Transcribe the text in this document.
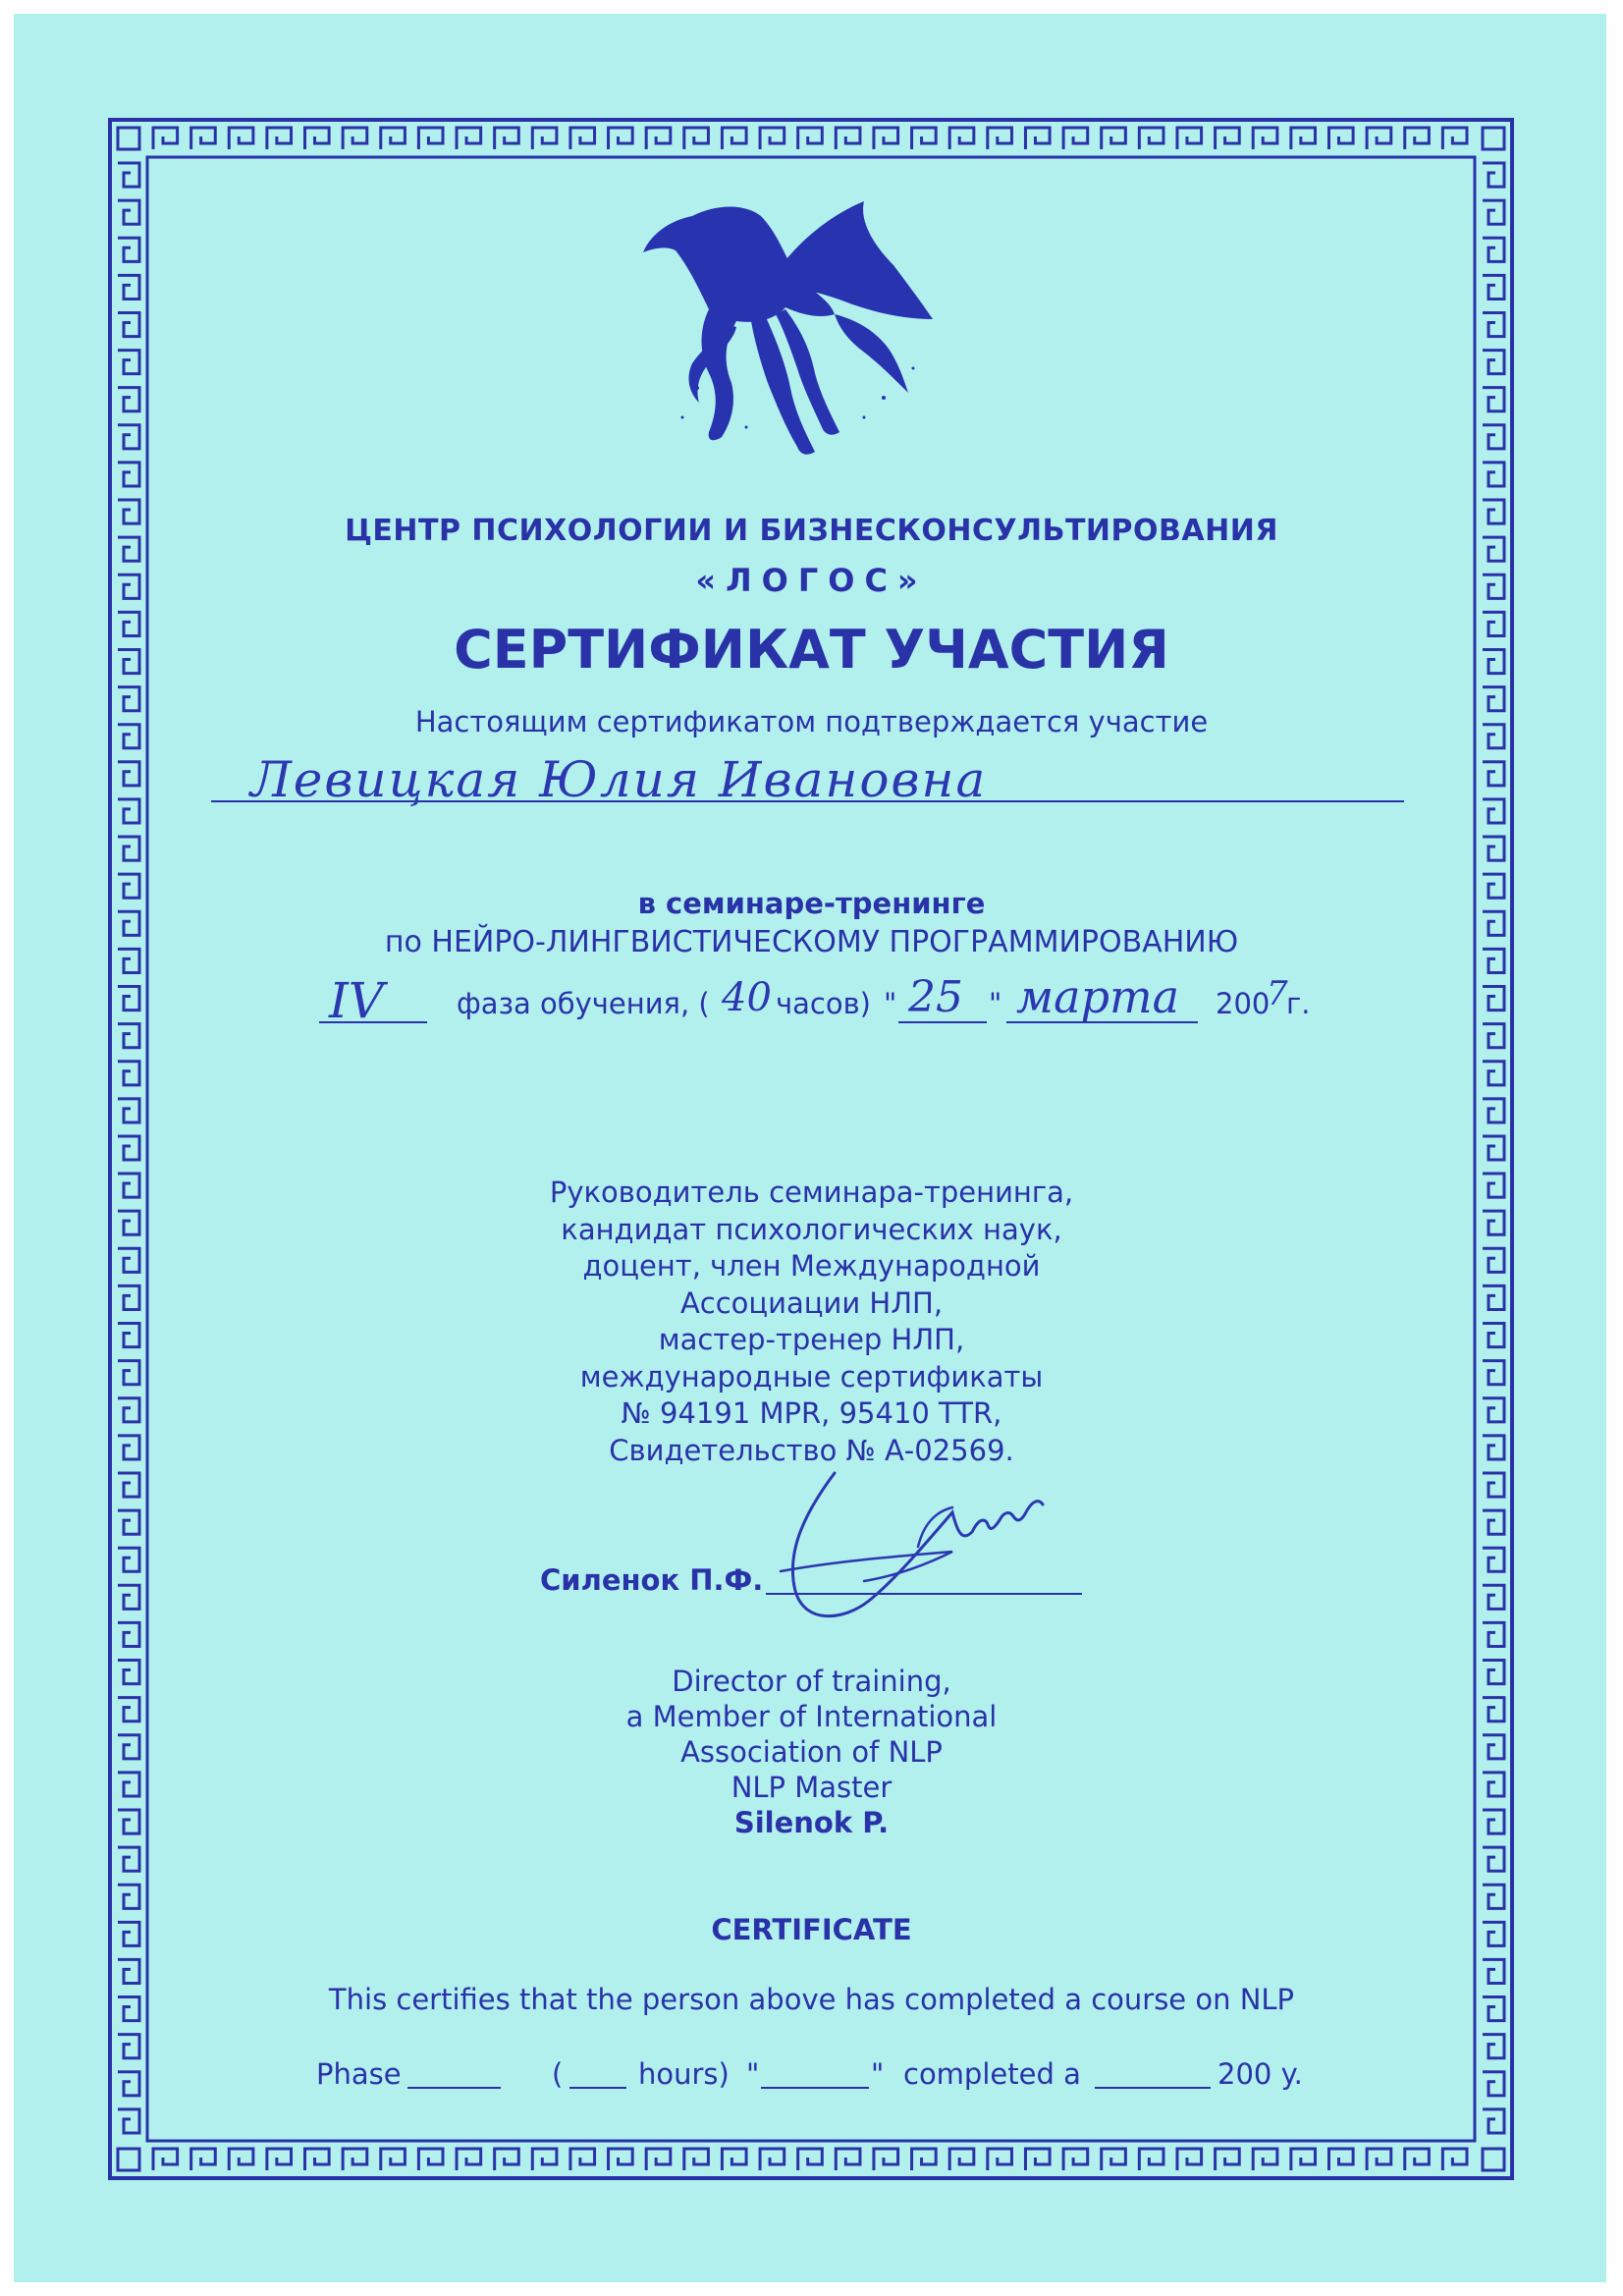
ЦЕНТР ПСИХОЛОГИИ И БИЗНЕСКОНСУЛЬТИРОВАНИЯ
«ЛОГОС»
СЕРТИФИКАТ УЧАСТИЯ
Настоящим сертификатом подтверждается участие
Левицкая Юлия Ивановна
в семинаре-тренинге
по НЕЙРО-ЛИНГВИСТИЧЕСКОМУ ПРОГРАММИРОВАНИЮ
IV	фаза обучения, ( 40 часов) " 25 " марта 200
7
г.
Руководитель семинара-тренинга,
кандидат психологических наук,
доцент, член Международной
Ассоциации НЛП,
мастер-тренер НЛП,
международные сертификаты
№ 94191 MPR, 95410 TTR,
Свидетельство № А-02569.
Силенок П.Ф.
Director of training,
a Member of International
Association of NLP
NLP Master
Silenok P.
CERTIFICATE
This certifies that the person above has completed a course on NLP
Phase	(	hours) "	" completed a	200 y.
